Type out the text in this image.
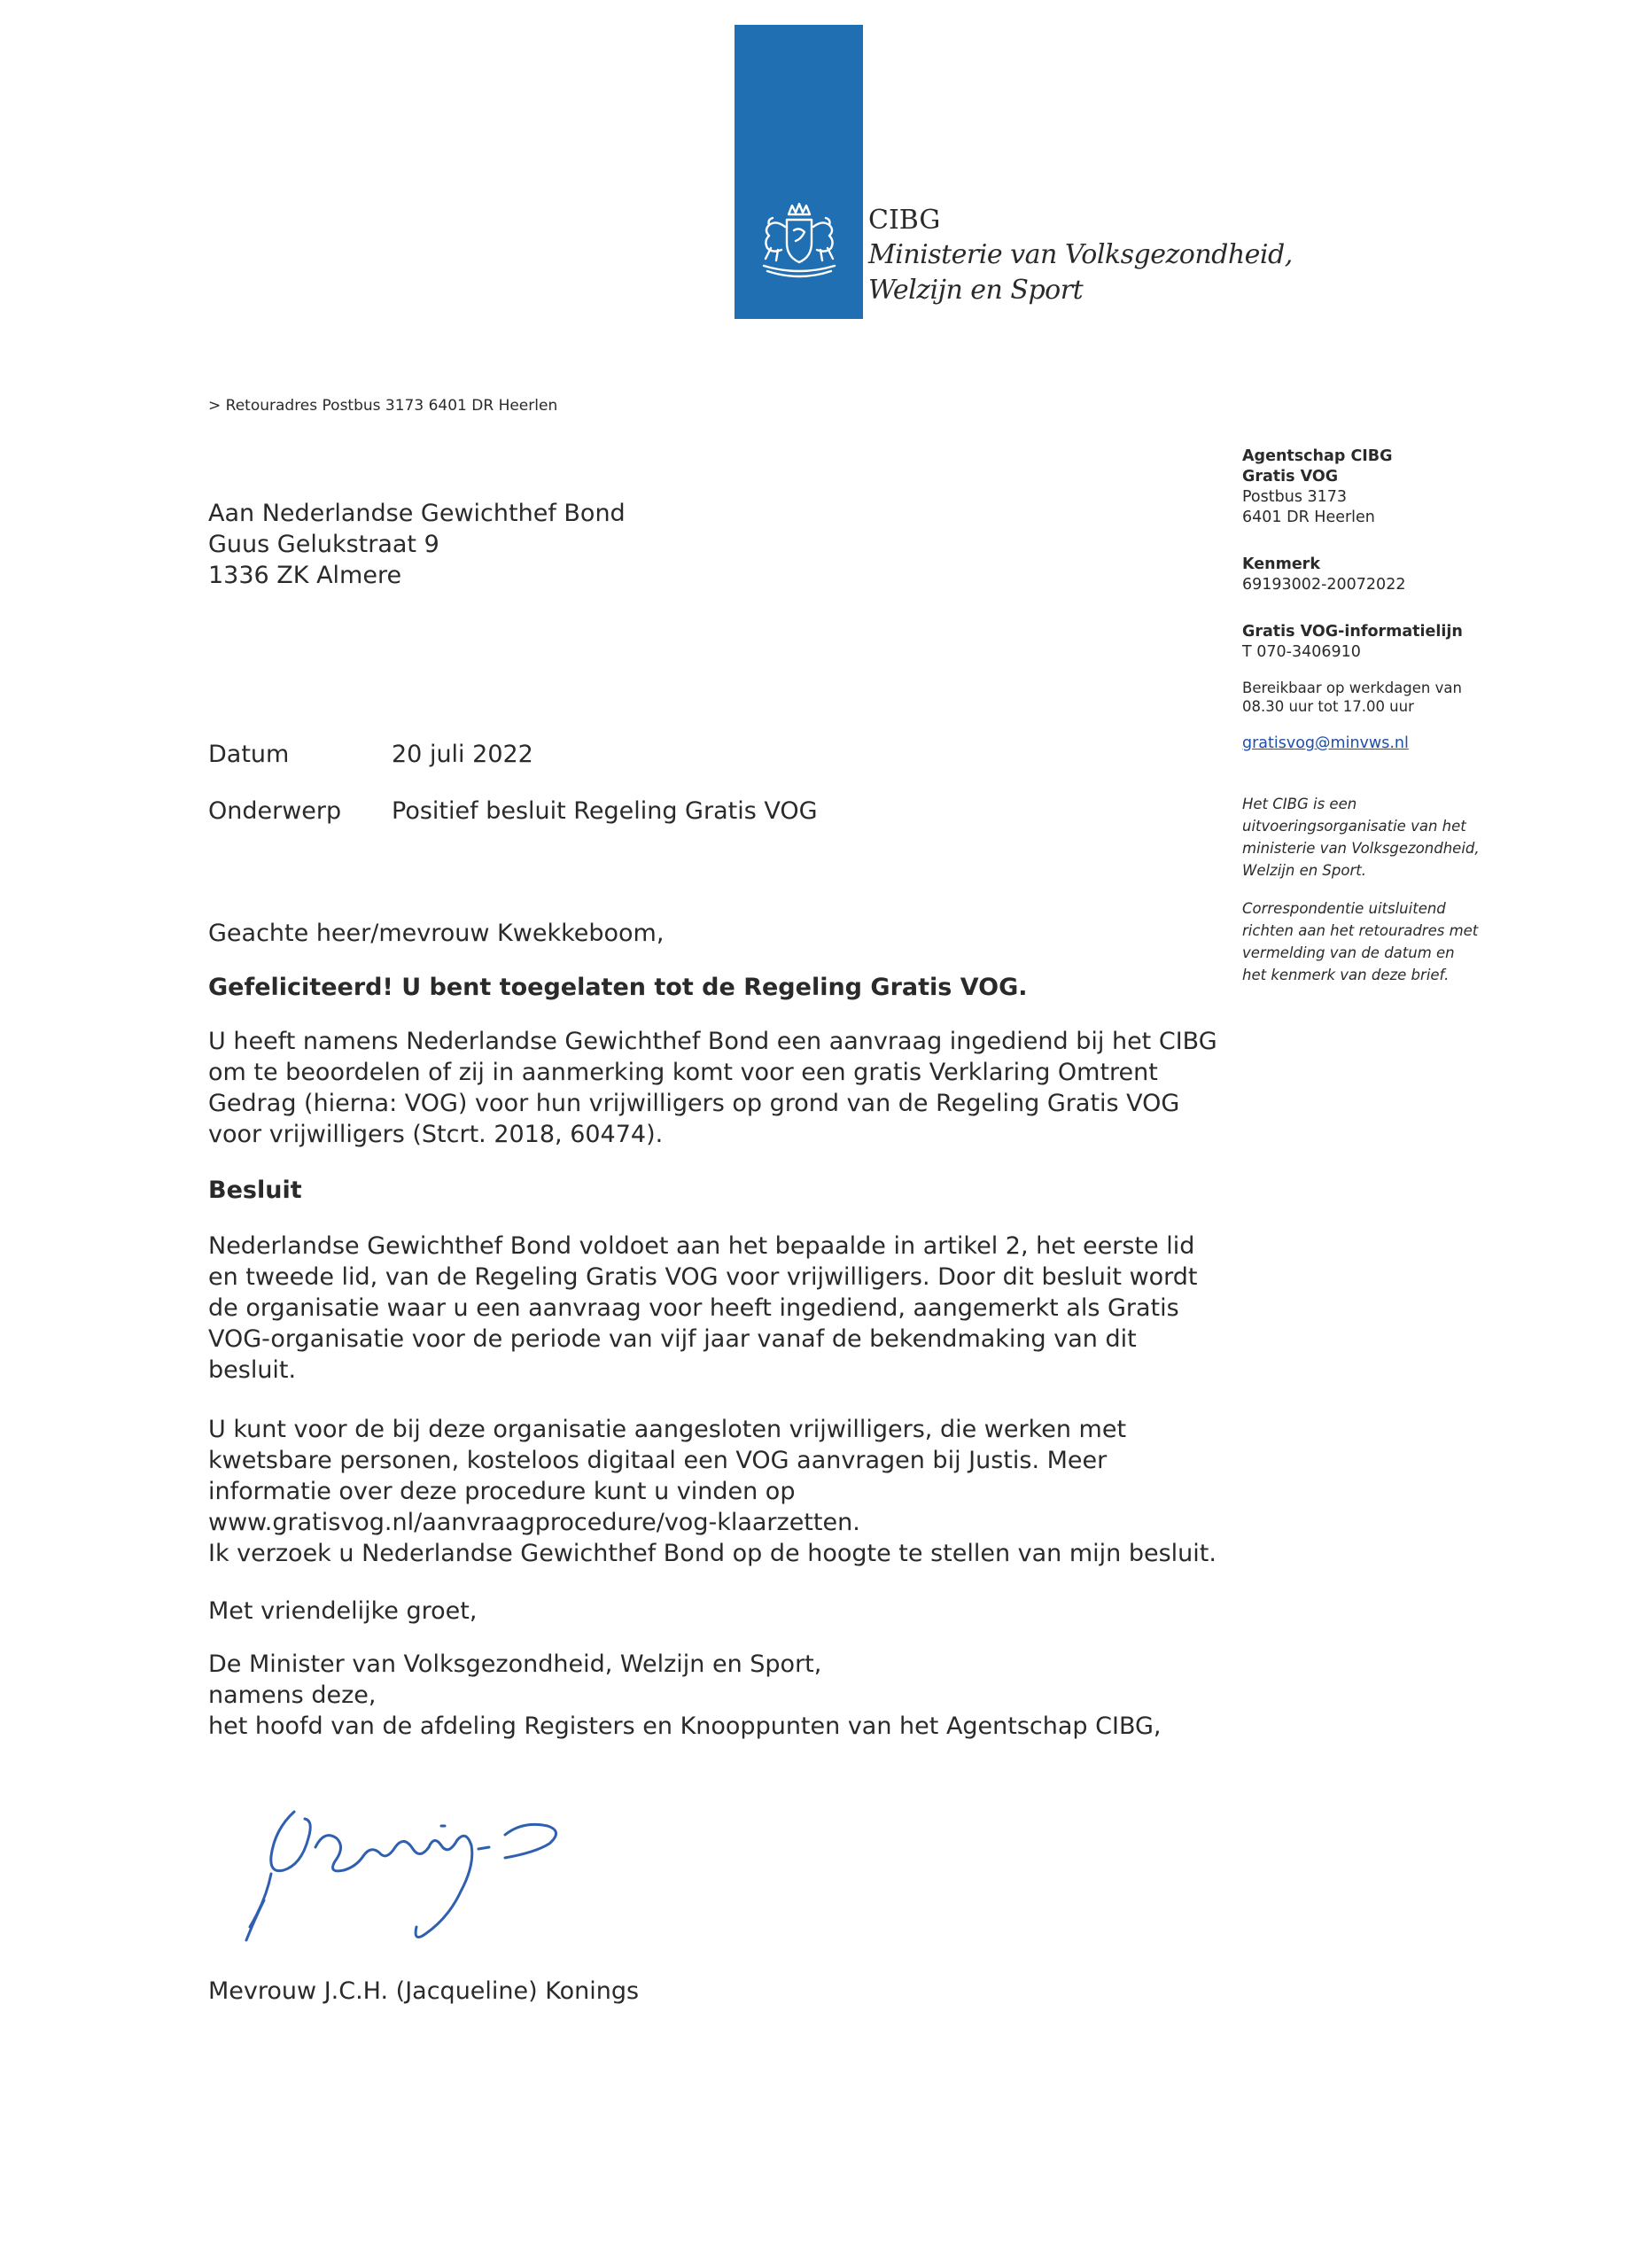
CIBG
Ministerie van Volksgezondheid,
Welzijn en Sport
> Retouradres Postbus 3173 6401 DR Heerlen
Aan Nederlandse Gewichthef Bond
Guus Gelukstraat 9
1336 ZK Almere
Agentschap CIBG
Gratis VOG
Postbus 3173
6401 DR Heerlen
Kenmerk
69193002-20072022
Gratis VOG-informatielijn
T 070-3406910
Bereikbaar op werkdagen van
08.30 uur tot 17.00 uur
gratisvog@minvws.nl
Het CIBG is een
uitvoeringsorganisatie van het
ministerie van Volksgezondheid,
Welzijn en Sport.
Correspondentie uitsluitend
richten aan het retouradres met
vermelding van de datum en
het kenmerk van deze brief.
Datum	20 juli 2022
Onderwerp Positief besluit Regeling Gratis VOG

Geachte heer/mevrouw Kwekkeboom,

Gefeliciteerd! U bent toegelaten tot de Regeling Gratis VOG.

U heeft namens Nederlandse Gewichthef Bond een aanvraag ingediend bij het CIBG
om te beoordelen of zij in aanmerking komt voor een gratis Verklaring Omtrent
Gedrag (hierna: VOG) voor hun vrijwilligers op grond van de Regeling Gratis VOG
voor vrijwilligers (Stcrt. 2018, 60474).

Besluit

Nederlandse Gewichthef Bond voldoet aan het bepaalde in artikel 2, het eerste lid
en tweede lid, van de Regeling Gratis VOG voor vrijwilligers. Door dit besluit wordt
de organisatie waar u een aanvraag voor heeft ingediend, aangemerkt als Gratis
VOG-organisatie voor de periode van vijf jaar vanaf de bekendmaking van dit
besluit.

U kunt voor de bij deze organisatie aangesloten vrijwilligers, die werken met
kwetsbare personen, kosteloos digitaal een VOG aanvragen bij Justis. Meer
informatie over deze procedure kunt u vinden op
www.gratisvog.nl/aanvraagprocedure/vog-klaarzetten.
Ik verzoek u Nederlandse Gewichthef Bond op de hoogte te stellen van mijn besluit.

Met vriendelijke groet,

De Minister van Volksgezondheid, Welzijn en Sport,
namens deze,
het hoofd van de afdeling Registers en Knooppunten van het Agentschap CIBG,

Mevrouw J.C.H. (Jacqueline) Konings
